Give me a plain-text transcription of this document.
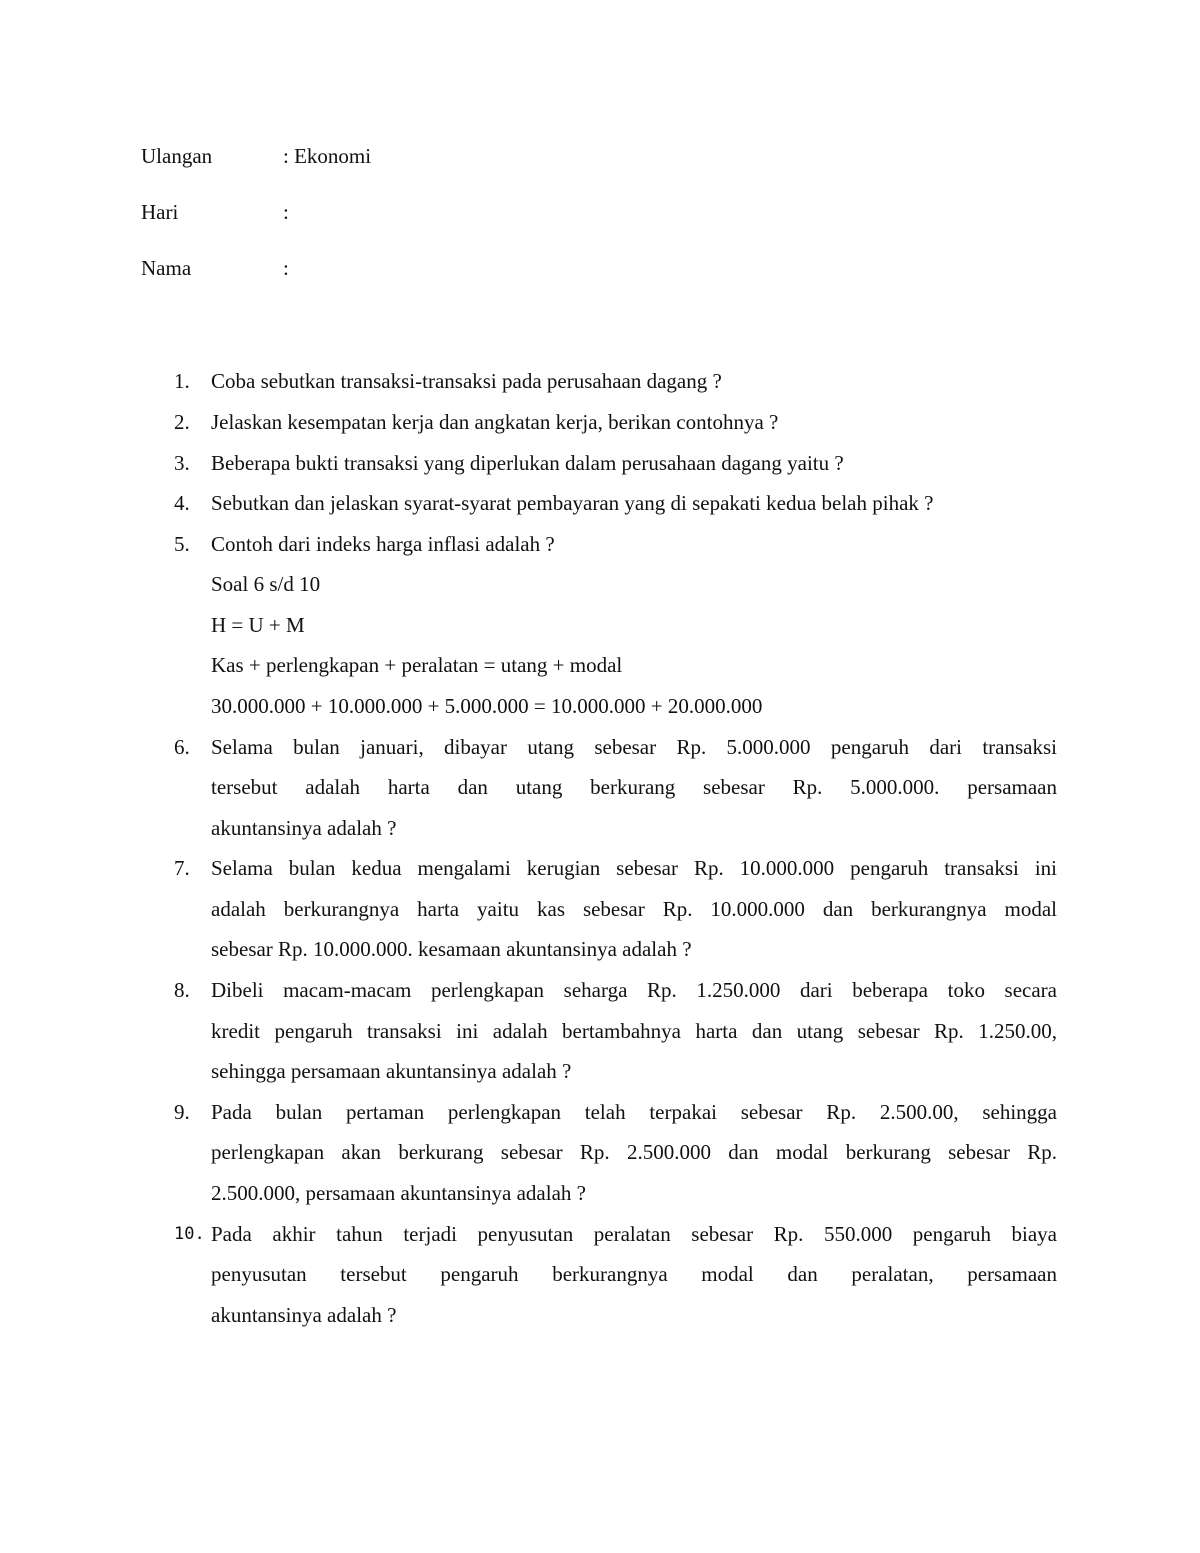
Ulangan	: Ekonomi
Hari	:
Nama	:
1.	Coba sebutkan transaksi-transaksi pada perusahaan dagang ?
2.	Jelaskan kesempatan kerja dan angkatan kerja, berikan contohnya ?
3.	Beberapa bukti transaksi yang diperlukan dalam perusahaan dagang yaitu ?
4.	Sebutkan dan jelaskan syarat-syarat pembayaran yang di sepakati kedua belah pihak ?
5.	Contoh dari indeks harga inflasi adalah ?
Soal 6 s/d 10
H = U + M
Kas + perlengkapan + peralatan = utang + modal
30.000.000 + 10.000.000 + 5.000.000 = 10.000.000 + 20.000.000
6.	Selama bulan januari, dibayar utang sebesar Rp. 5.000.000 pengaruh dari transaksi
tersebut adalah harta dan utang berkurang sebesar Rp. 5.000.000. persamaan
akuntansinya adalah ?
7.	Selama bulan kedua mengalami kerugian sebesar Rp. 10.000.000 pengaruh transaksi ini
adalah berkurangnya harta yaitu kas sebesar Rp. 10.000.000 dan berkurangnya modal
sebesar Rp. 10.000.000. kesamaan akuntansinya adalah ?
8.	Dibeli macam-macam perlengkapan seharga Rp. 1.250.000 dari beberapa toko secara
kredit pengaruh transaksi ini adalah bertambahnya harta dan utang sebesar Rp. 1.250.00,
sehingga persamaan akuntansinya adalah ?
9.	Pada bulan pertaman perlengkapan telah terpakai sebesar Rp. 2.500.00, sehingga
perlengkapan akan berkurang sebesar Rp. 2.500.000 dan modal berkurang sebesar Rp.
2.500.000, persamaan akuntansinya adalah ?
10. Pada akhir tahun terjadi penyusutan peralatan sebesar Rp. 550.000 pengaruh biaya
penyusutan tersebut pengaruh berkurangnya modal dan peralatan, persamaan
akuntansinya adalah ?
